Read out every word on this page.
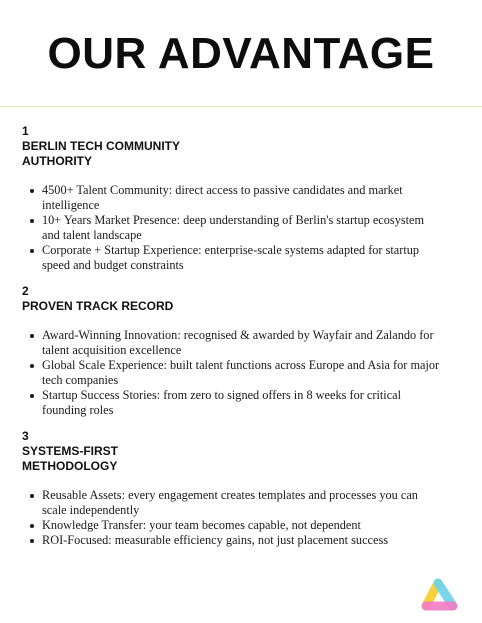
OUR ADVANTAGE

1

BERLIN TECH COMMUNITY
AUTHORITY

4500+ Talent Community: direct access to passive candidates and market intelligence
10+ Years Market Presence: deep understanding of Berlin's startup ecosystem and talent landscape
Corporate + Startup Experience: enterprise-scale systems adapted for startup speed and budget constraints

2

PROVEN TRACK RECORD

Award-Winning Innovation: recognised & awarded by Wayfair and Zalando for talent acquisition excellence
Global Scale Experience: built talent functions across Europe and Asia for major tech companies
Startup Success Stories: from zero to signed offers in 8 weeks for critical founding roles

3

SYSTEMS-FIRST
METHODOLOGY

Reusable Assets: every engagement creates templates and processes you can scale independently
Knowledge Transfer: your team becomes capable, not dependent
ROI-Focused: measurable efficiency gains, not just placement success
